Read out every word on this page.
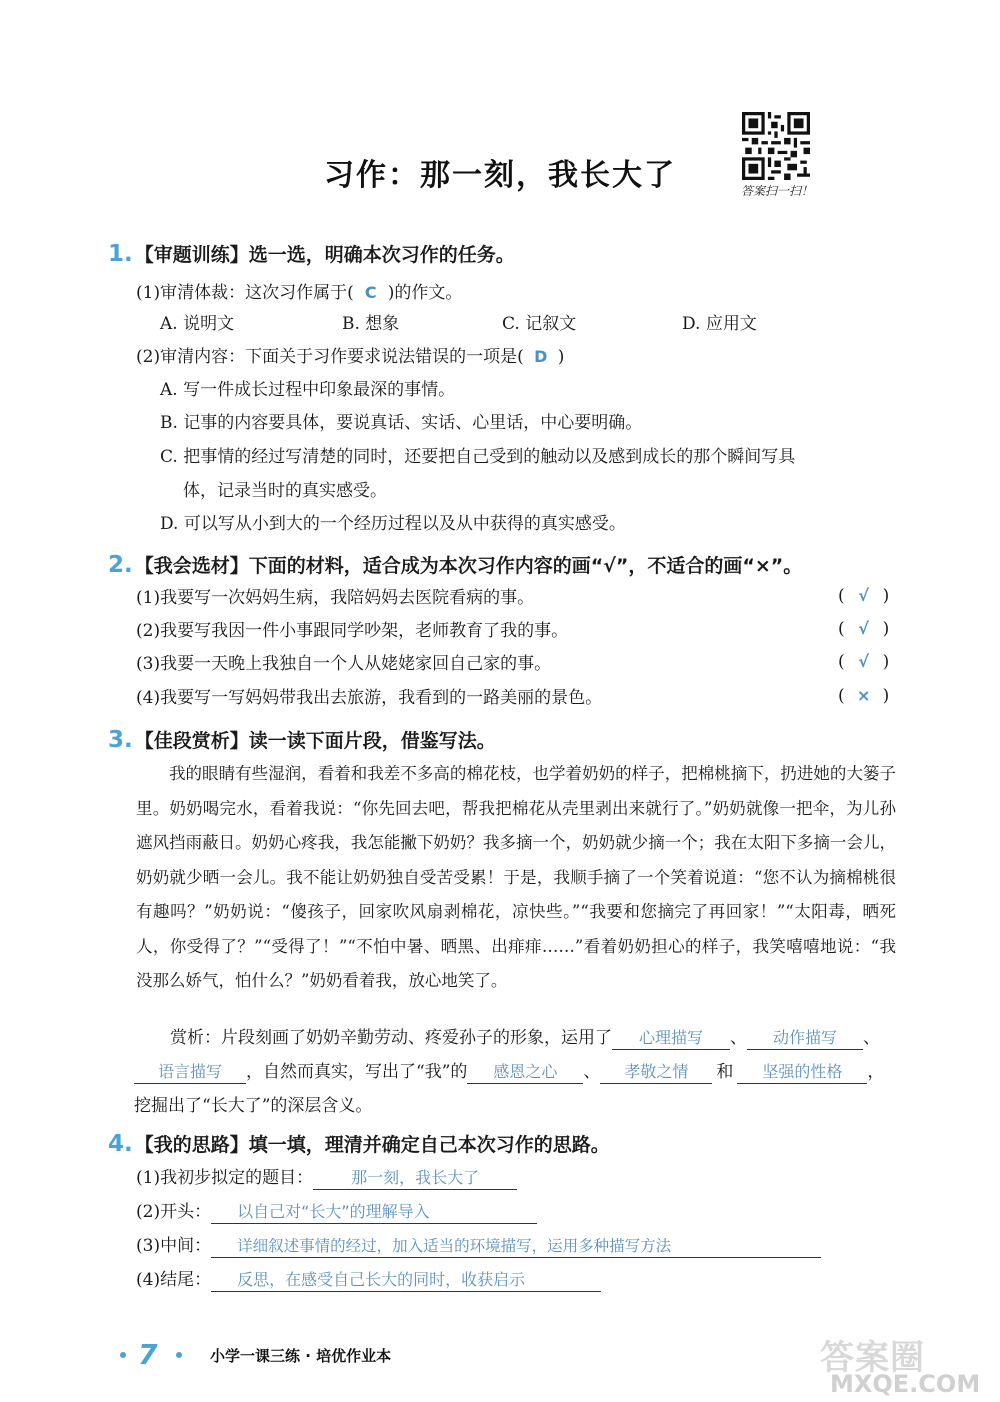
习作：那一刻，我长大了	答案扫一扫！
1. 【审题训练】选一选，明确本次习作的任务。
(1)审清体裁：这次习作属于( C )的作文。
A. 说明文	B. 想象	C. 记叙文	D. 应用文
(2)审清内容：下面关于习作要求说法错误的一项是( D )
A. 写一件成长过程中印象最深的事情。
B. 记事的内容要具体，要说真话、实话、心里话，中心要明确。
C. 把事情的经过写清楚的同时，还要把自己受到的触动以及感到成长的那个瞬间写具
体，记录当时的真实感受。
D. 可以写从小到大的一个经历过程以及从中获得的真实感受。
2. 【我会选材】下面的材料，适合成为本次习作内容的画“√”，不适合的画“×”。
(1)我要写一次妈妈生病，我陪妈妈去医院看病的事。	( √ )
(2)我要写我因一件小事跟同学吵架，老师教育了我的事。	( √ )
(3)我要一天晚上我独自一个人从姥姥家回自己家的事。	( √ )
(4)我要写一写妈妈带我出去旅游，我看到的一路美丽的景色。	( × )
3. 【佳段赏析】读一读下面片段，借鉴写法。
我的眼睛有些湿润，看着和我差不多高的棉花枝，也学着奶奶的样子，把棉桃摘下，扔进她的大篓子里。奶奶喝完水，看着我说：“你先回去吧，帮我把棉花从壳里剥出来就行了。”奶奶就像一把伞，为儿孙遮风挡雨蔽日。奶奶心疼我，我怎能撇下奶奶？我多摘一个，奶奶就少摘一个；我在太阳下多摘一会儿，奶奶就少晒一会儿。我不能让奶奶独自受苦受累！于是，我顺手摘了一个笑着说道：“您不认为摘棉桃很有趣吗？”奶奶说：“傻孩子，回家吹风扇剥棉花，凉快些。”“我要和您摘完了再回家！”“太阳毒，晒死人，你受得了？”“受得了！”“不怕中暑、晒黑、出痱痱……”看着奶奶担心的样子，我笑嘻嘻地说：“我没那么娇气，怕什么？”奶奶看着我，放心地笑了。
赏析：片段刻画了奶奶辛勤劳动、疼爱孙子的形象，运用了 心理描写 、 动作描写 、
语言描写 ，自然而真实，写出了“我”的 感恩之心 、 孝敬之情 和 坚强的性格 ，
挖掘出了“长大了”的深层含义。
4. 【我的思路】填一填，理清并确定自己本次习作的思路。
(1)我初步拟定的题目： 那一刻，我长大了
(2)开头： 以自己对“长大”的理解导入
(3)中间： 详细叙述事情的经过，加入适当的环境描写，运用多种描写方法
(4)结尾： 反思，在感受自己长大的同时，收获启示
7	小学一课三练 · 培优作业本	答案圈
MXQE.COM
